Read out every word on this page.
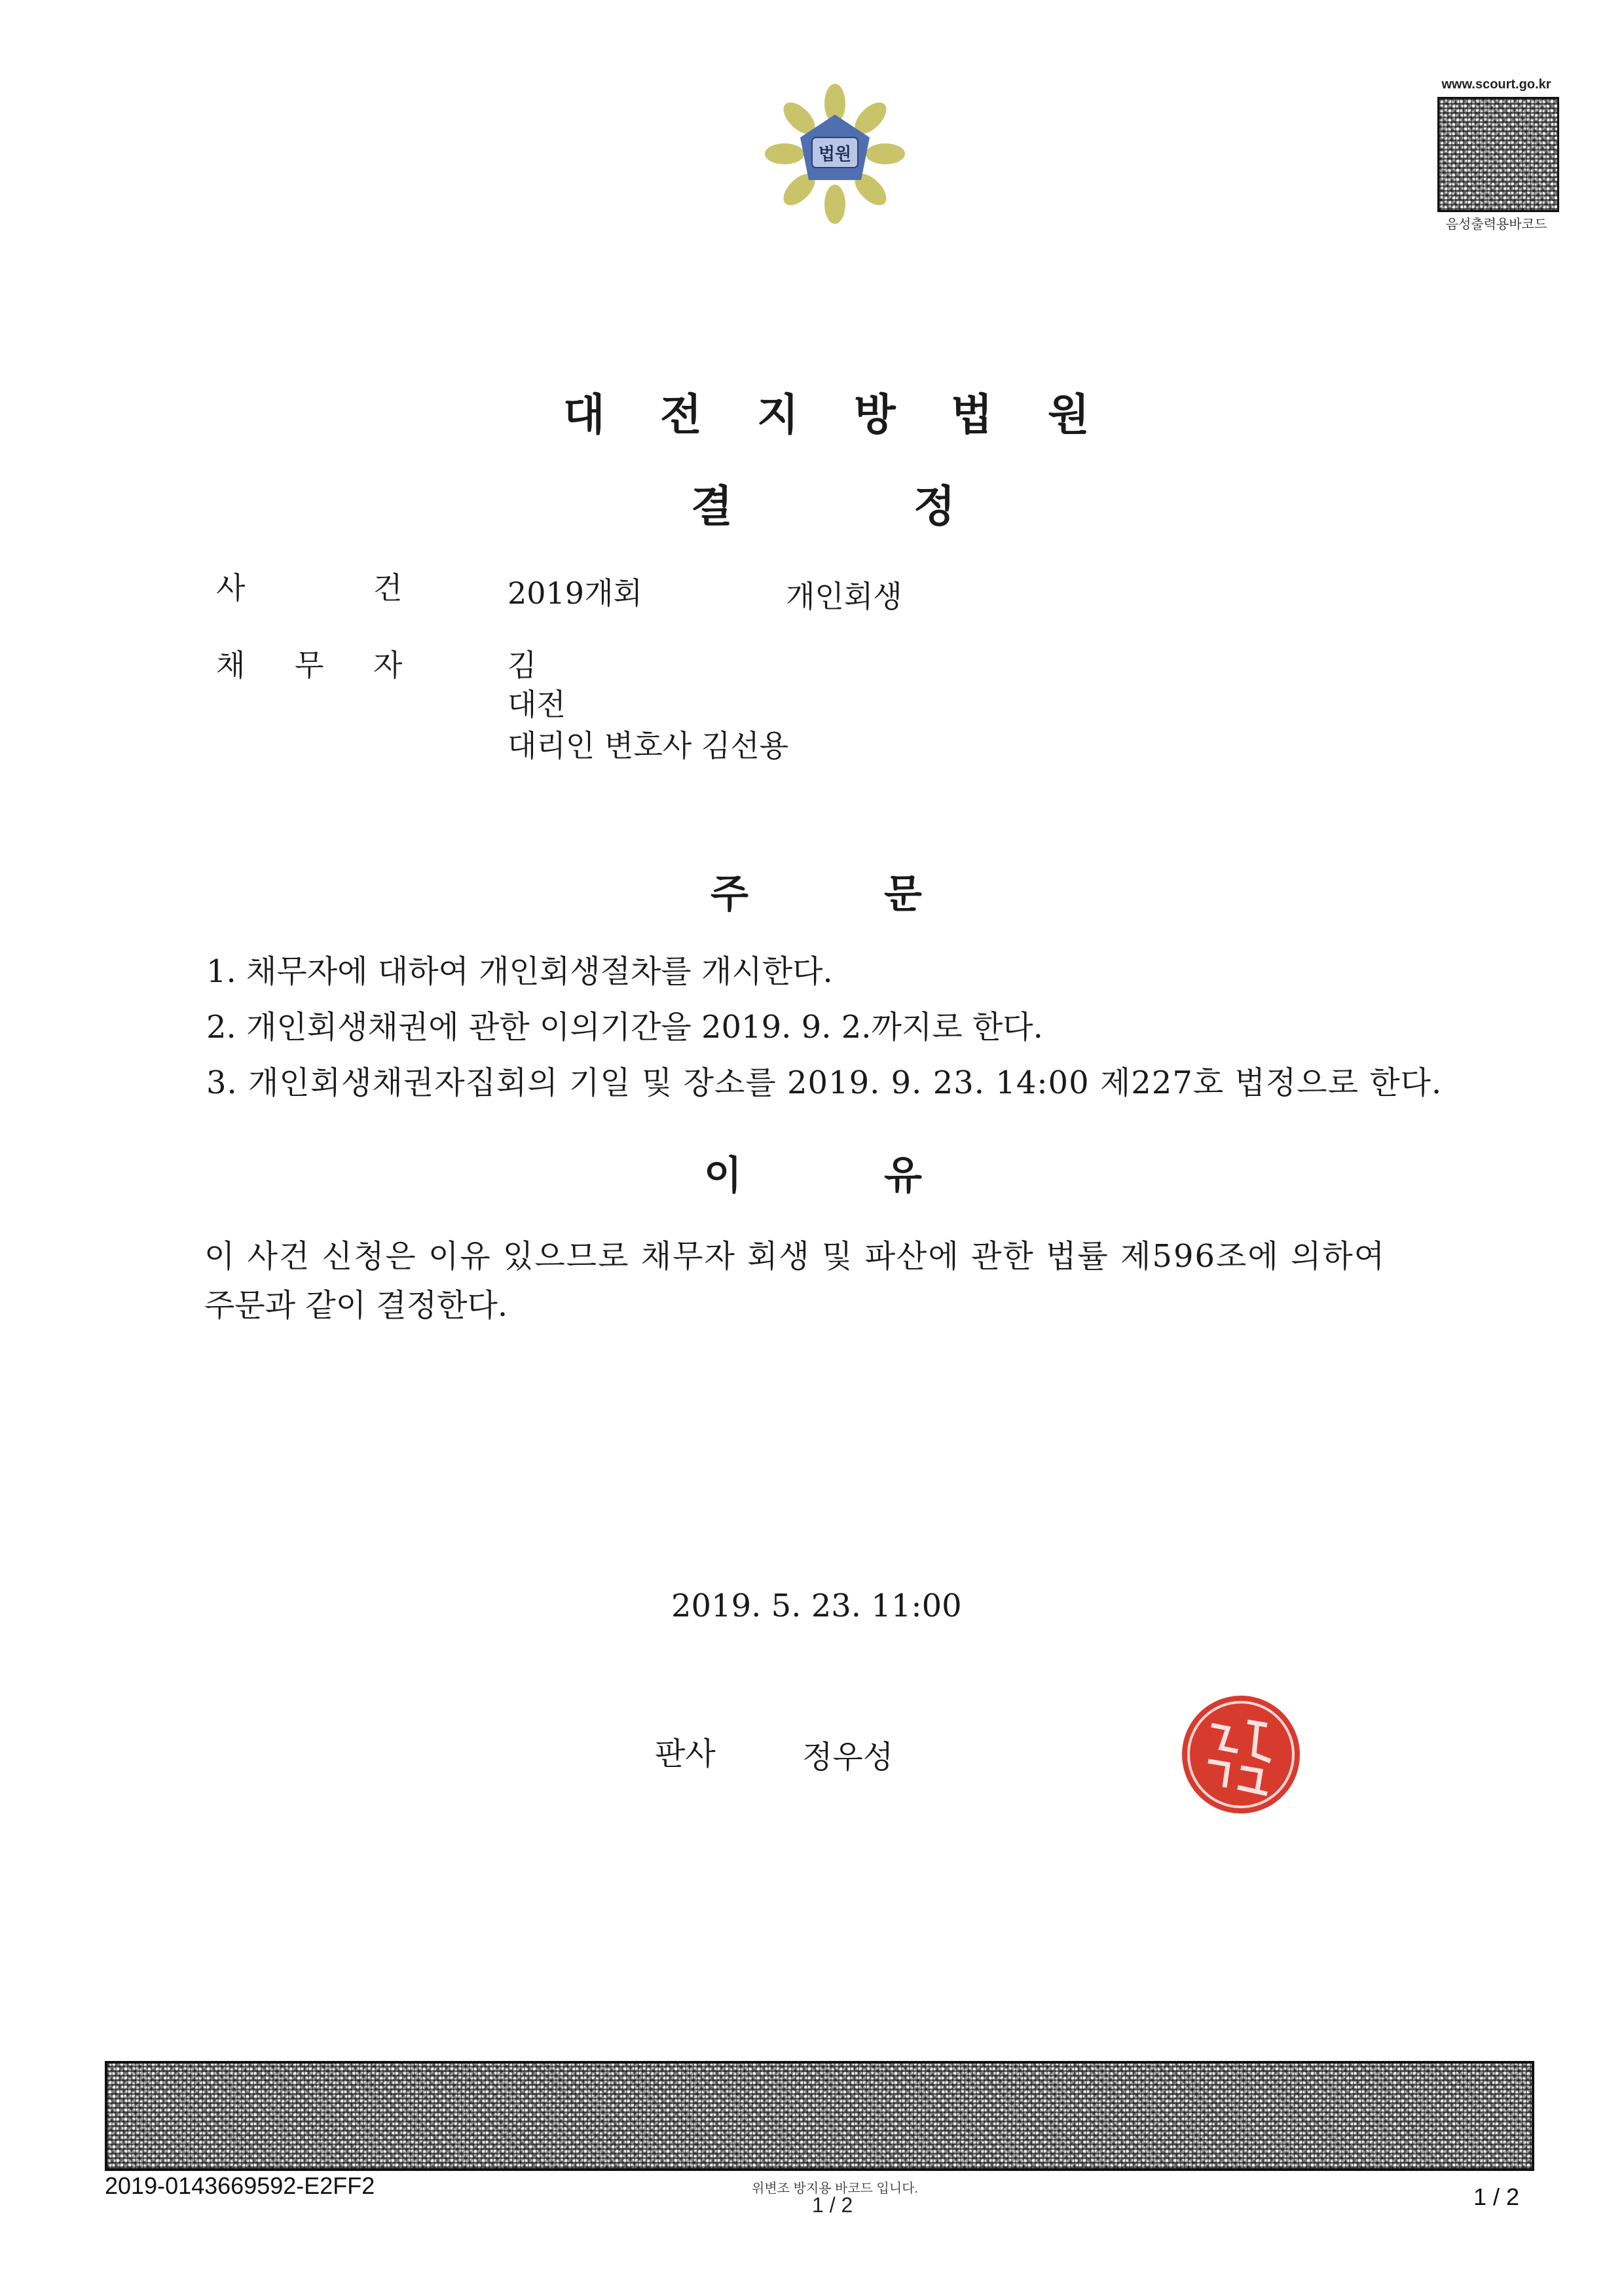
법원
www.scourt.go.kr
음성출력용바코드
대 전 지 방 법 원
결	정
사	건	2019개회	개인회생
채 무 자	김
대전
대리인 변호사 김선용
주	문
1. 채무자에 대하여 개인회생절차를 개시한다.
2. 개인회생채권에 관한 이의기간을 2019. 9. 2.까지로 한다.
3. 개인회생채권자집회의 기일 및 장소를 2019. 9. 23. 14:00 제227호 법정으로 한다.
이	유
이 사건 신청은 이유 있으므로 채무자 회생 및 파산에 관한 법률 제596조에 의하여
주문과 같이 결정한다.
2019. 5. 23. 11:00
판사	정우성
2019-0143669592-E2FF2	위변조 방지용 바코드 입니다.
1 / 2	1 / 2
